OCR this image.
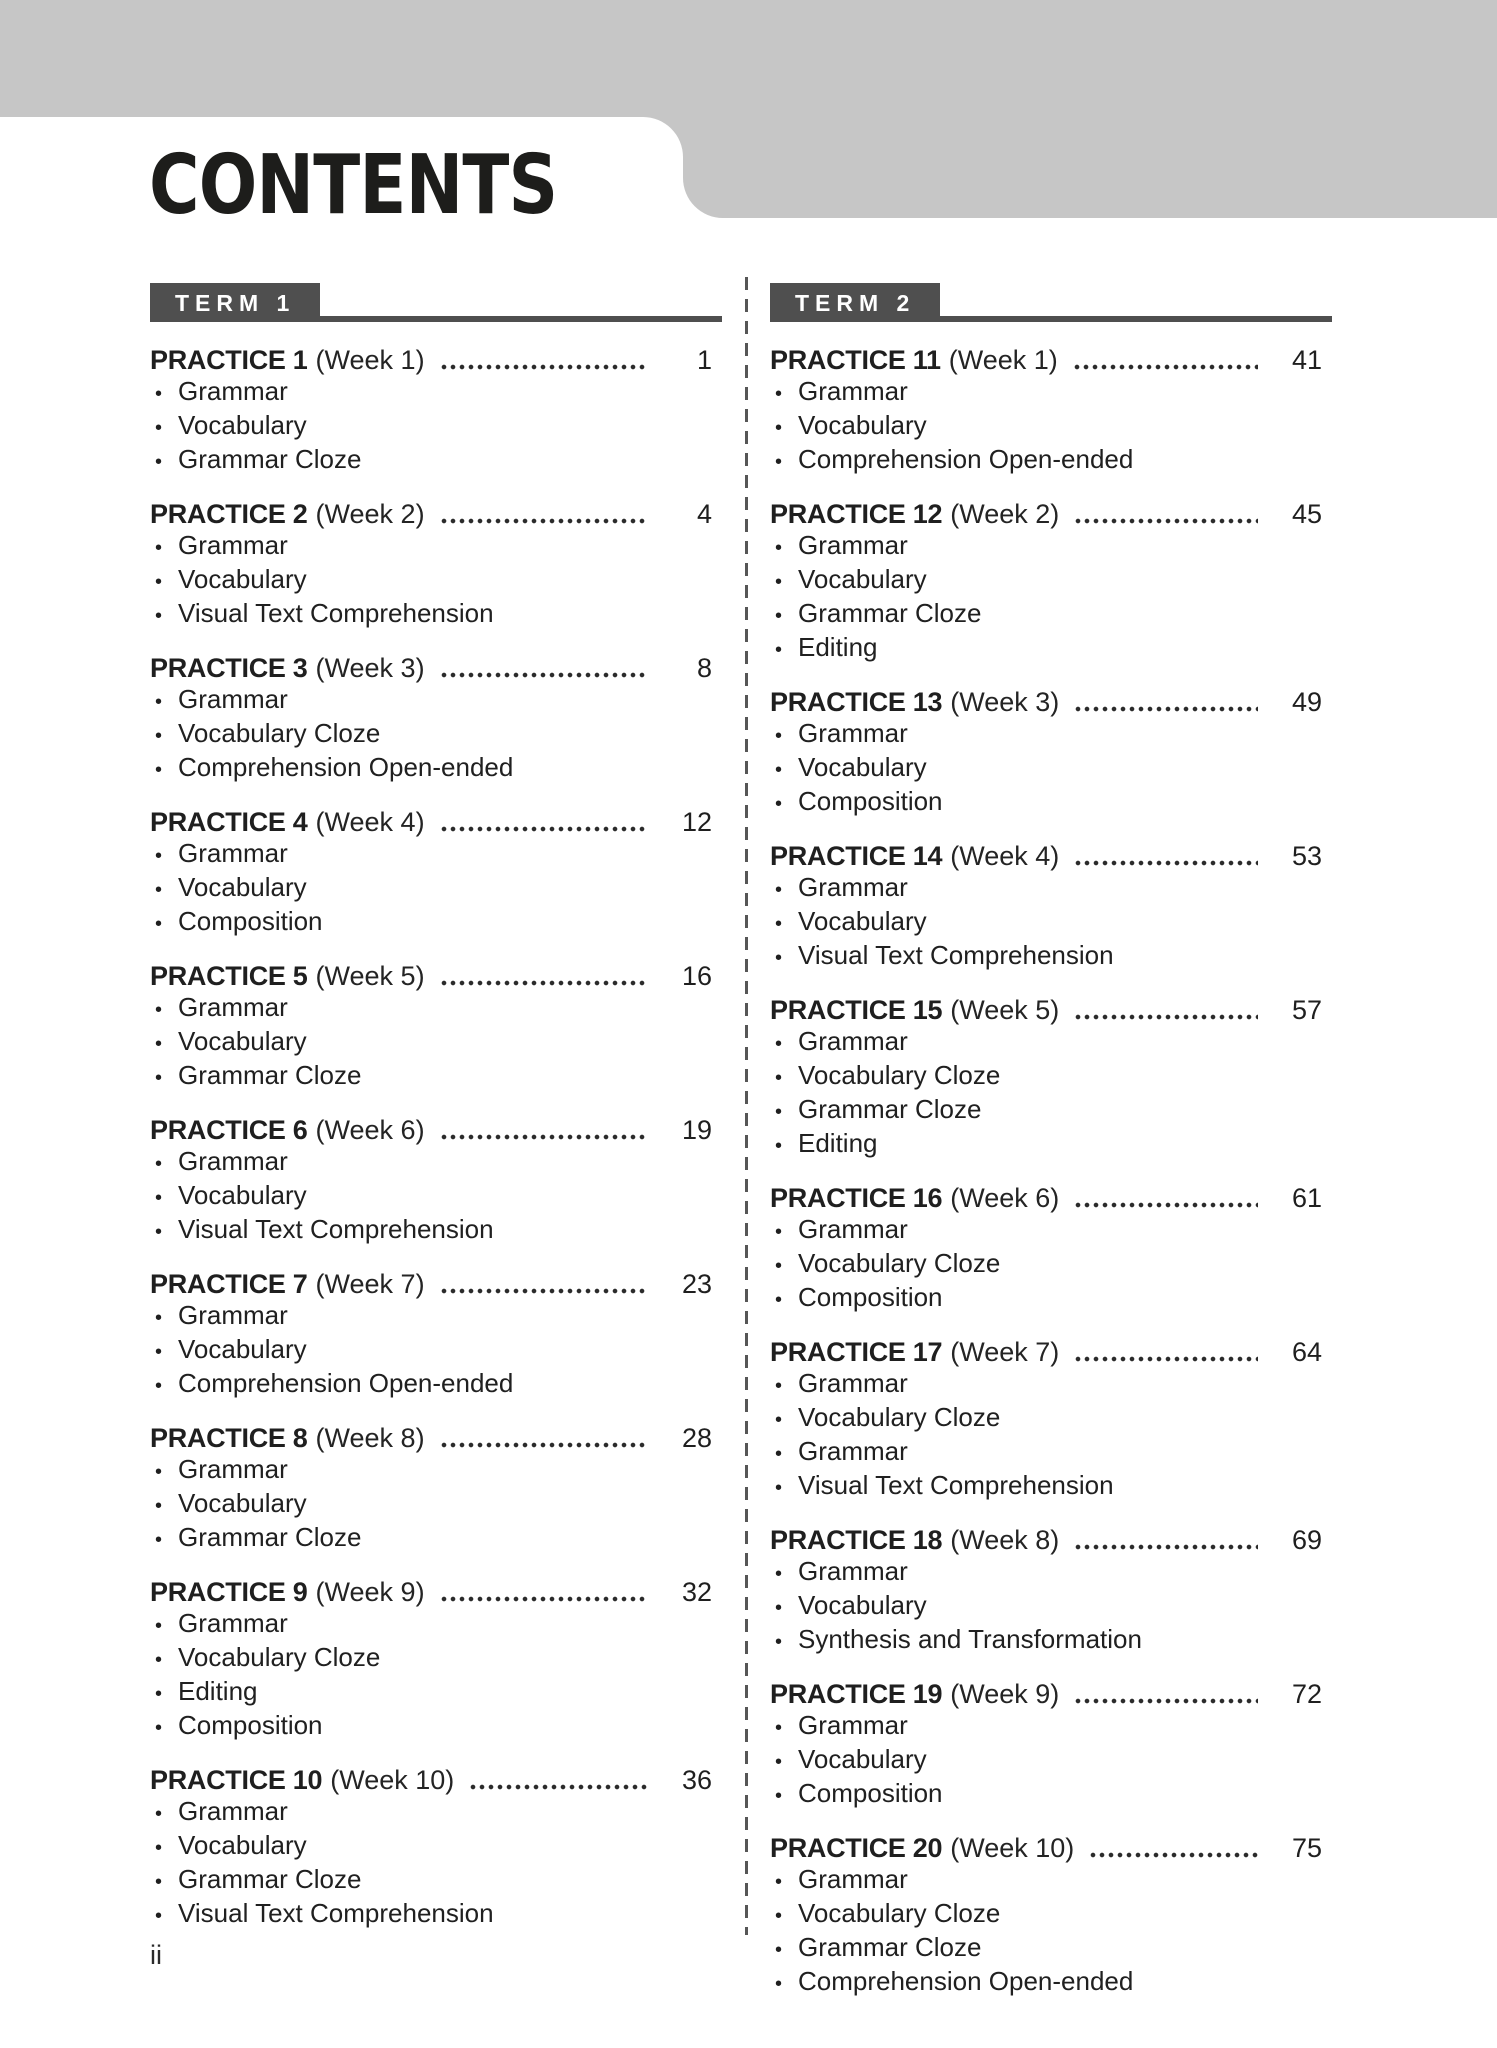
CONTENTS
TERM 1
PRACTICE 1 (Week 1)	1
• Grammar
• Vocabulary
• Grammar Cloze
PRACTICE 2 (Week 2)	4
• Grammar
• Vocabulary
• Visual Text Comprehension
PRACTICE 3 (Week 3)	8
• Grammar
• Vocabulary Cloze
• Comprehension Open-ended
PRACTICE 4 (Week 4)	12
• Grammar
• Vocabulary
• Composition
PRACTICE 5 (Week 5)	16
• Grammar
• Vocabulary
• Grammar Cloze
PRACTICE 6 (Week 6)	19
• Grammar
• Vocabulary
• Visual Text Comprehension
PRACTICE 7 (Week 7)	23
• Grammar
• Vocabulary
• Comprehension Open-ended
PRACTICE 8 (Week 8)	28
• Grammar
• Vocabulary
• Grammar Cloze
PRACTICE 9 (Week 9)	32
• Grammar
• Vocabulary Cloze
• Editing
• Composition
PRACTICE 10 (Week 10)	36
• Grammar
• Vocabulary
• Grammar Cloze
• Visual Text Comprehension
TERM 2
PRACTICE 11 (Week 1)	41
• Grammar
• Vocabulary
• Comprehension Open-ended
PRACTICE 12 (Week 2)	45
• Grammar
• Vocabulary
• Grammar Cloze
• Editing
PRACTICE 13 (Week 3)	49
• Grammar
• Vocabulary
• Composition
PRACTICE 14 (Week 4)	53
• Grammar
• Vocabulary
• Visual Text Comprehension
PRACTICE 15 (Week 5)	57
• Grammar
• Vocabulary Cloze
• Grammar Cloze
• Editing
PRACTICE 16 (Week 6)	61
• Grammar
• Vocabulary Cloze
• Composition
PRACTICE 17 (Week 7)	64
• Grammar
• Vocabulary Cloze
• Grammar
• Visual Text Comprehension
PRACTICE 18 (Week 8)	69
• Grammar
• Vocabulary
• Synthesis and Transformation
PRACTICE 19 (Week 9)	72
• Grammar
• Vocabulary
• Composition
PRACTICE 20 (Week 10)	75
• Grammar
• Vocabulary Cloze
• Grammar Cloze
• Comprehension Open-ended
ii
